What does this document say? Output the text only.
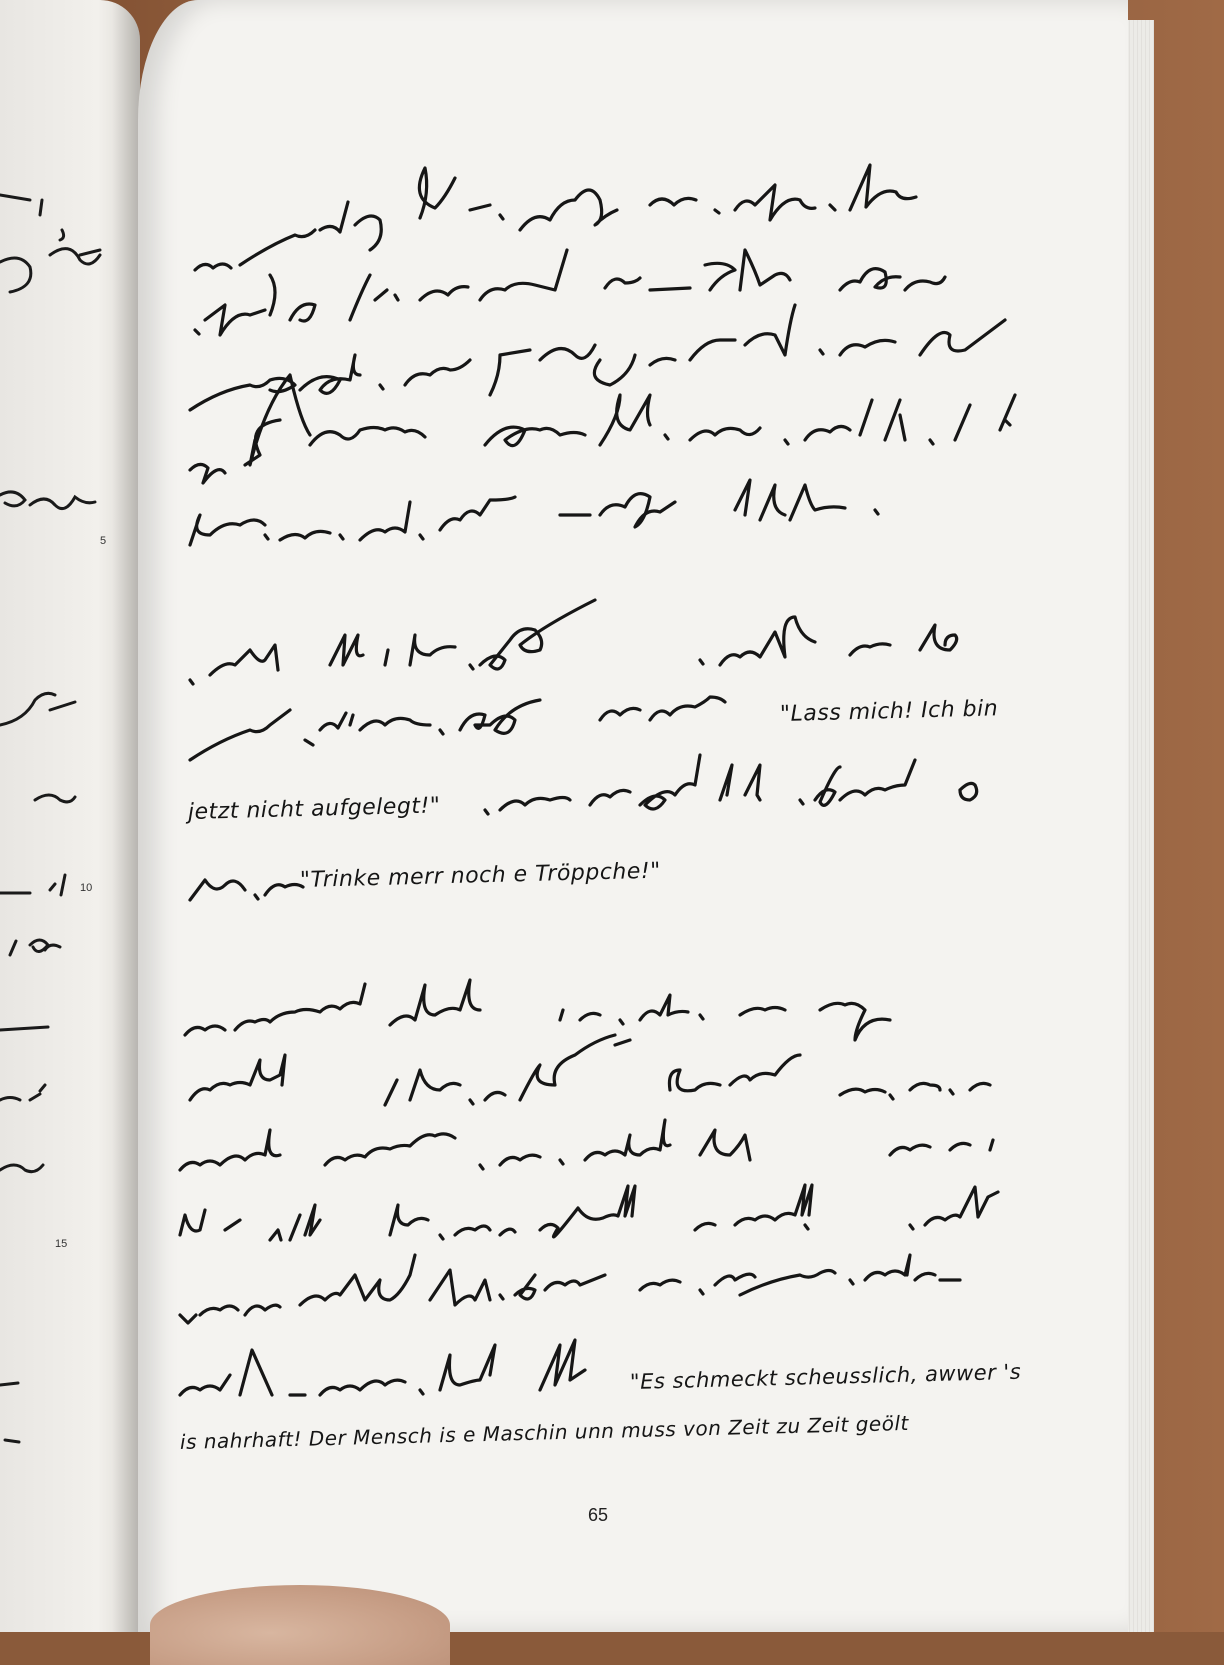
5
10
15
"Lass mich! Ich bin
jetzt nicht aufgelegt!"
"Trinke merr noch e Tröppche!"
"Es schmeckt scheusslich, awwer 's
is nahrhaft! Der Mensch is e Maschin unn muss von Zeit zu Zeit geölt
65
